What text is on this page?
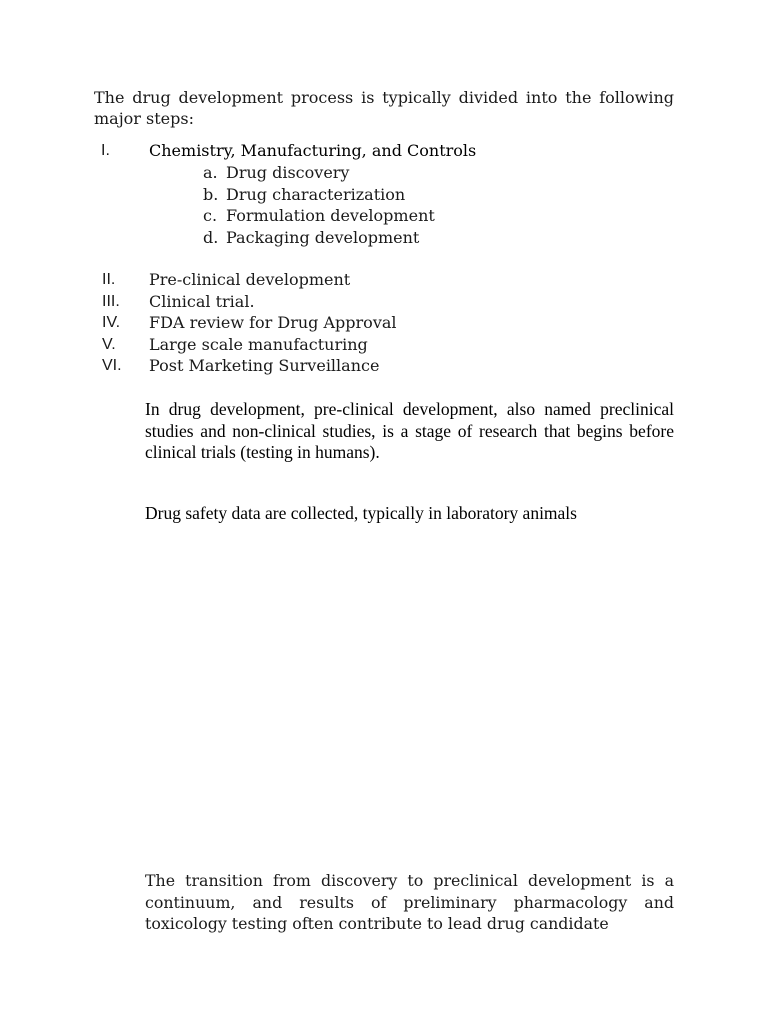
The drug development process is typically divided into the following major steps:

I. Chemistry, Manufacturing, and Controls
a. Drug discovery
b. Drug characterization
c. Formulation development
d. Packaging development
II. Pre-clinical development
III. Clinical trial.
IV. FDA review for Drug Approval
V. Large scale manufacturing
VI. Post Marketing Surveillance

In drug development, pre-clinical development, also named preclinical studies and non-clinical studies, is a stage of research that begins before clinical trials (testing in humans).

Drug safety data are collected, typically in laboratory animals

The transition from discovery to preclinical development is a continuum, and results of preliminary pharmacology and toxicology testing often contribute to lead drug candidate
